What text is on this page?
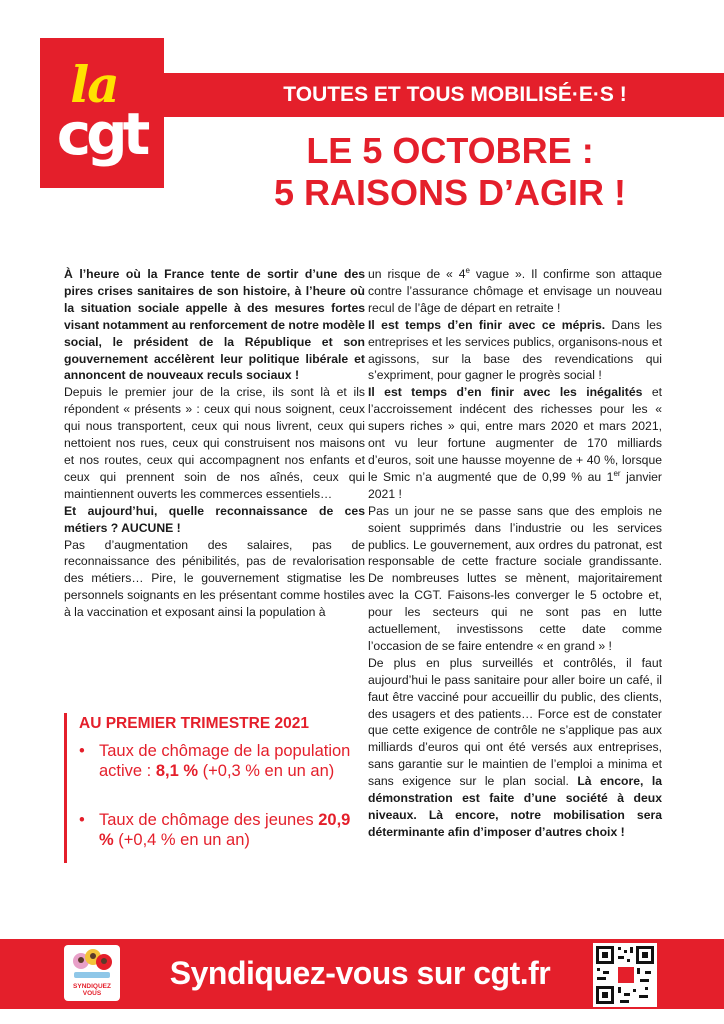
la
cgt
TOUTES ET TOUS MOBILISÉ·E·S !
LE 5 OCTOBRE :
5 RAISONS D’AGIR !

À l’heure où la France tente de sortir d’une des pires crises sanitaires de son histoire, à l’heure où la situation sociale appelle à des mesures fortes visant notamment au renforcement de notre modèle social, le président de la République et son gouvernement accélèrent leur politique libérale et annoncent de nouveaux reculs sociaux !

Depuis le premier jour de la crise, ils sont là et ils répondent « présents » : ceux qui nous soignent, ceux qui nous transportent, ceux qui nous livrent, ceux qui nettoient nos rues, ceux qui construisent nos maisons et nos routes, ceux qui accompagnent nos enfants et ceux qui prennent soin de nos aînés, ceux qui maintiennent ouverts les commerces essentiels…

Et aujourd’hui, quelle reconnaissance de ces métiers ? AUCUNE !

Pas d’augmentation des salaires, pas de reconnaissance des pénibilités, pas de revalorisation des métiers… Pire, le gouvernement stigmatise les personnels soignants en les présentant comme hostiles à la vaccination et exposant ainsi la population à

un risque de « 4e vague ». Il confirme son attaque contre l’assurance chômage et envisage un nouveau recul de l’âge de départ en retraite !

Il est temps d’en finir avec ce mépris. Dans les entreprises et les services publics, organisons-nous et agissons, sur la base des revendications qui s’expriment, pour gagner le progrès social !

Il est temps d’en finir avec les inégalités et l’accroissement indécent des richesses pour les « supers riches » qui, entre mars 2020 et mars 2021, ont vu leur fortune augmenter de 170 milliards d’euros, soit une hausse moyenne de + 40 %, lorsque le Smic n’a augmenté que de 0,99 % au 1er janvier 2021 !

Pas un jour ne se passe sans que des emplois ne soient supprimés dans l’industrie ou les services publics. Le gouvernement, aux ordres du patronat, est responsable de cette fracture sociale grandissante. De nombreuses luttes se mènent, majoritairement avec la CGT. Faisons-les converger le 5 octobre et, pour les secteurs qui ne sont pas en lutte actuellement, investissons cette date comme l’occasion de se faire entendre « en grand » !

De plus en plus surveillés et contrôlés, il faut aujourd’hui le pass sanitaire pour aller boire un café, il faut être vacciné pour accueillir du public, des clients, des usagers et des patients… Force est de constater que cette exigence de contrôle ne s’applique pas aux milliards d’euros qui ont été versés aux entreprises, sans garantie sur le maintien de l’emploi a minima et sans exigence sur le plan social. Là encore, la démonstration est faite d’une société à deux niveaux. Là encore, notre mobilisation sera déterminante afin d’imposer d’autres choix !

AU PREMIER TRIMESTRE 2021
• Taux de chômage de la population active : 8,1 % (+0,3 % en un an)
• Taux de chômage des jeunes 20,9 % (+0,4 % en un an)
SYNDIQUEZ
VOUS
Syndiquez-vous sur cgt.fr
